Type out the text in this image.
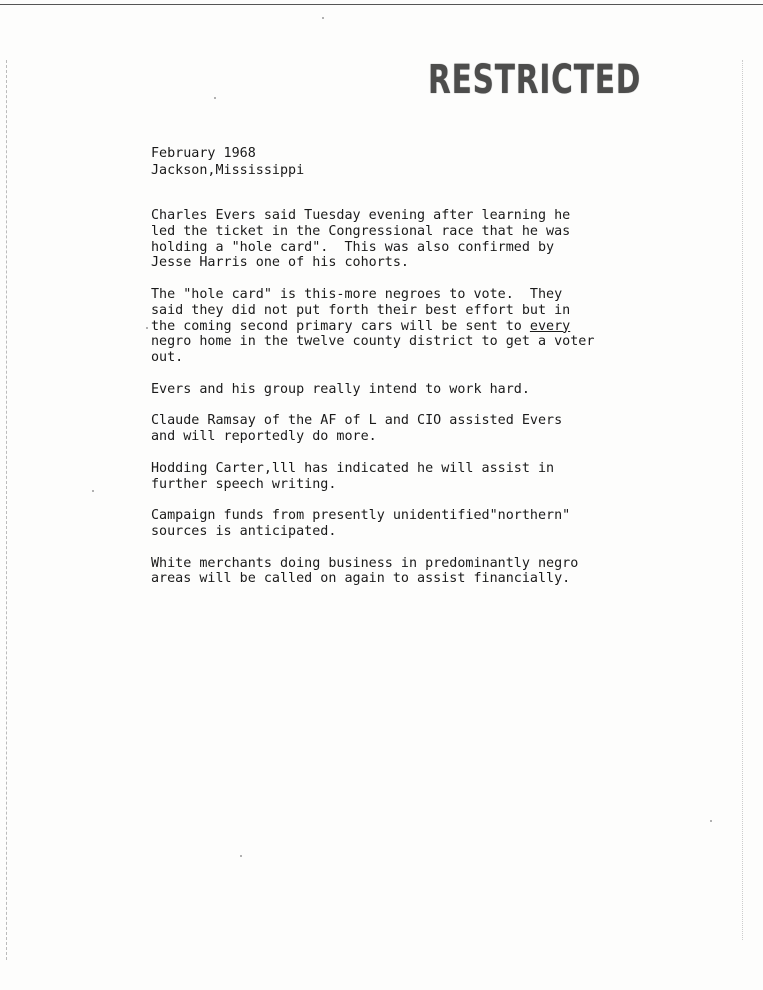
RESTRICTED
February 1968
Jackson,Mississippi
Charles Evers said Tuesday evening after learning he
led the ticket in the Congressional race that he was
holding a "hole card".  This was also confirmed by
Jesse Harris one of his cohorts.
The "hole card" is this-more negroes to vote.  They
said they did not put forth their best effort but in
the coming second primary cars will be sent to every
negro home in the twelve county district to get a voter
out.
Evers and his group really intend to work hard.
Claude Ramsay of the AF of L and CIO assisted Evers
and will reportedly do more.
Hodding Carter,lll has indicated he will assist in
further speech writing.
Campaign funds from presently unidentified"northern"
sources is anticipated.
White merchants doing business in predominantly negro
areas will be called on again to assist financially.
